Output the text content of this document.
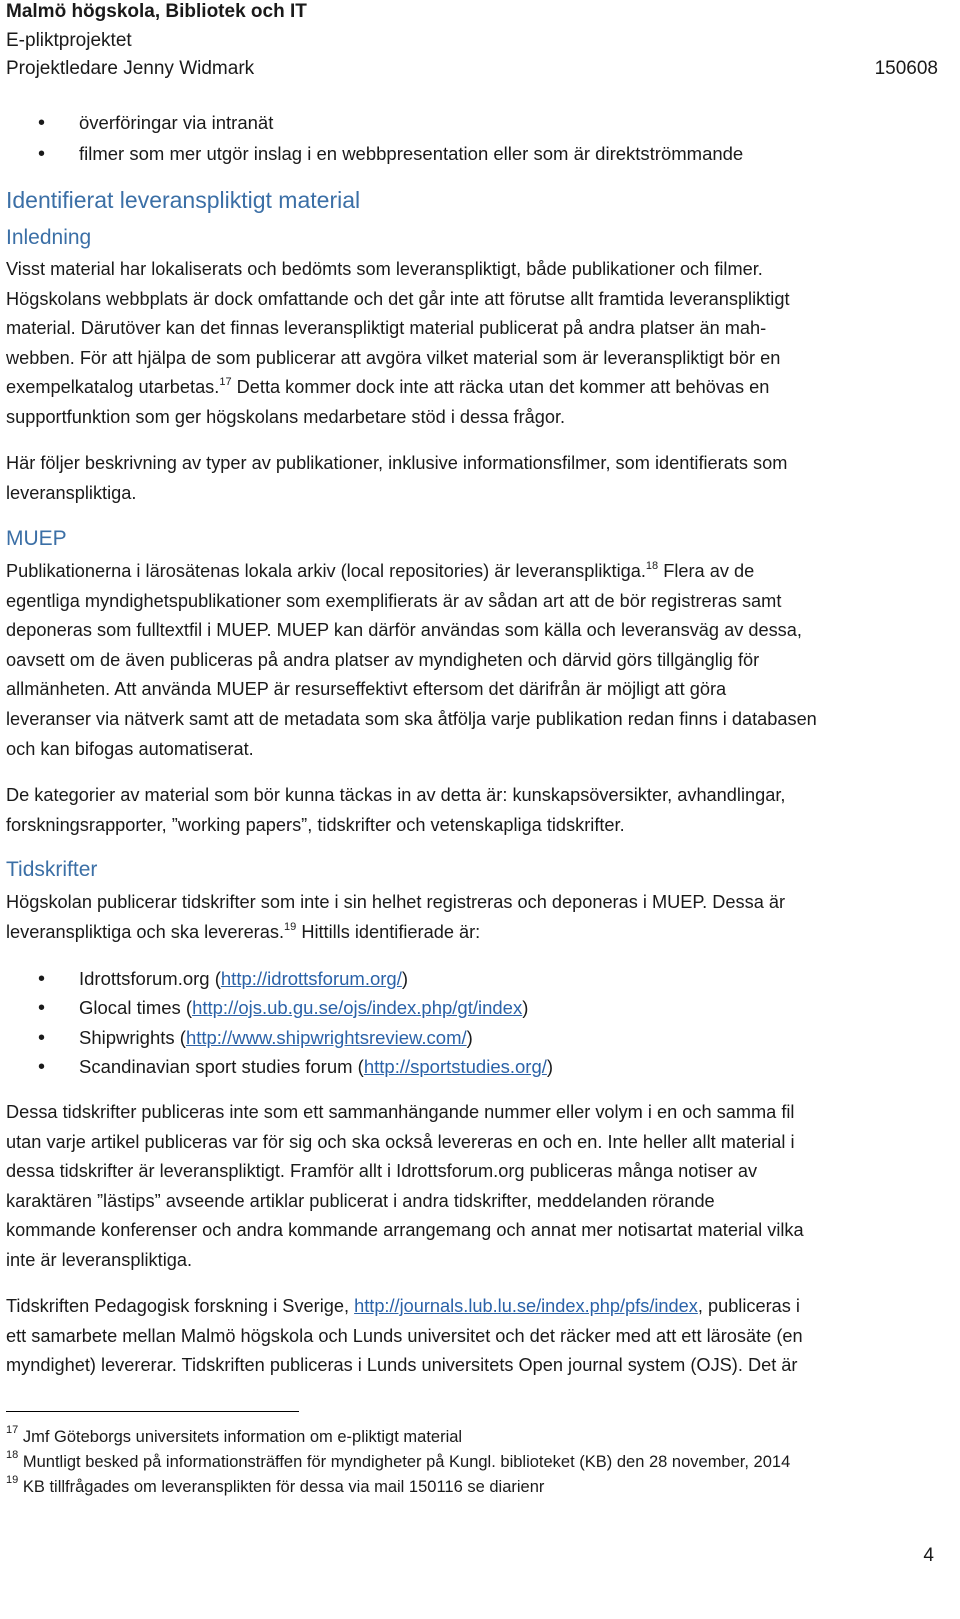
Malmö högskola, Bibliotek och IT
E-pliktprojektet
Projektledare Jenny Widmark	150608
• överföringar via intranät
• filmer som mer utgör inslag i en webbpresentation eller som är direktströmmande
Identifierat leveranspliktigt material
Inledning
Visst material har lokaliserats och bedömts som leveranspliktigt, både publikationer och filmer.
Högskolans webbplats är dock omfattande och det går inte att förutse allt framtida leveranspliktigt
material. Därutöver kan det finnas leveranspliktigt material publicerat på andra platser än mah-
webben. För att hjälpa de som publicerar att avgöra vilket material som är leveranspliktigt bör en
exempelkatalog utarbetas.$^{17}$ Detta kommer dock inte att räcka utan det kommer att behövas en
supportfunktion som ger högskolans medarbetare stöd i dessa frågor.
Här följer beskrivning av typer av publikationer, inklusive informationsfilmer, som identifierats som
leveranspliktiga.
MUEP
Publikationerna i lärosätenas lokala arkiv (local repositories) är leveranspliktiga.$^{18}$ Flera av de
egentliga myndighetspublikationer som exemplifierats är av sådan art att de bör registreras samt
deponeras som fulltextfil i MUEP. MUEP kan därför användas som källa och leveransväg av dessa,
oavsett om de även publiceras på andra platser av myndigheten och därvid görs tillgänglig för
allmänheten. Att använda MUEP är resurseffektivt eftersom det därifrån är möjligt att göra
leveranser via nätverk samt att de metadata som ska åtfölja varje publikation redan finns i databasen
och kan bifogas automatiserat.
De kategorier av material som bör kunna täckas in av detta är: kunskapsöversikter, avhandlingar,
forskningsrapporter, ”working papers”, tidskrifter och vetenskapliga tidskrifter.
Tidskrifter
Högskolan publicerar tidskrifter som inte i sin helhet registreras och deponeras i MUEP. Dessa är
leveranspliktiga och ska levereras.$^{19}$ Hittills identifierade är:
• Idrottsforum.org (http://idrottsforum.org/)
• Glocal times (http://ojs.ub.gu.se/ojs/index.php/gt/index)
• Shipwrights (http://www.shipwrightsreview.com/)
• Scandinavian sport studies forum (http://sportstudies.org/)
Dessa tidskrifter publiceras inte som ett sammanhängande nummer eller volym i en och samma fil
utan varje artikel publiceras var för sig och ska också levereras en och en. Inte heller allt material i
dessa tidskrifter är leveranspliktigt. Framför allt i Idrottsforum.org publiceras många notiser av
karaktären ”lästips” avseende artiklar publicerat i andra tidskrifter, meddelanden rörande
kommande konferenser och andra kommande arrangemang och annat mer notisartat material vilka
inte är leveranspliktiga.
Tidskriften Pedagogisk forskning i Sverige, http://journals.lub.lu.se/index.php/pfs/index, publiceras i
ett samarbete mellan Malmö högskola och Lunds universitet och det räcker med att ett lärosäte (en
myndighet) levererar. Tidskriften publiceras i Lunds universitets Open journal system (OJS). Det är
$^{17}$ Jmf Göteborgs universitets information om e-pliktigt material
$^{18}$ Muntligt besked på informationsträffen för myndigheter på Kungl. biblioteket (KB) den 28 november, 2014
$^{19}$ KB tillfrågades om leveransplikten för dessa via mail 150116 se diarienr
4
